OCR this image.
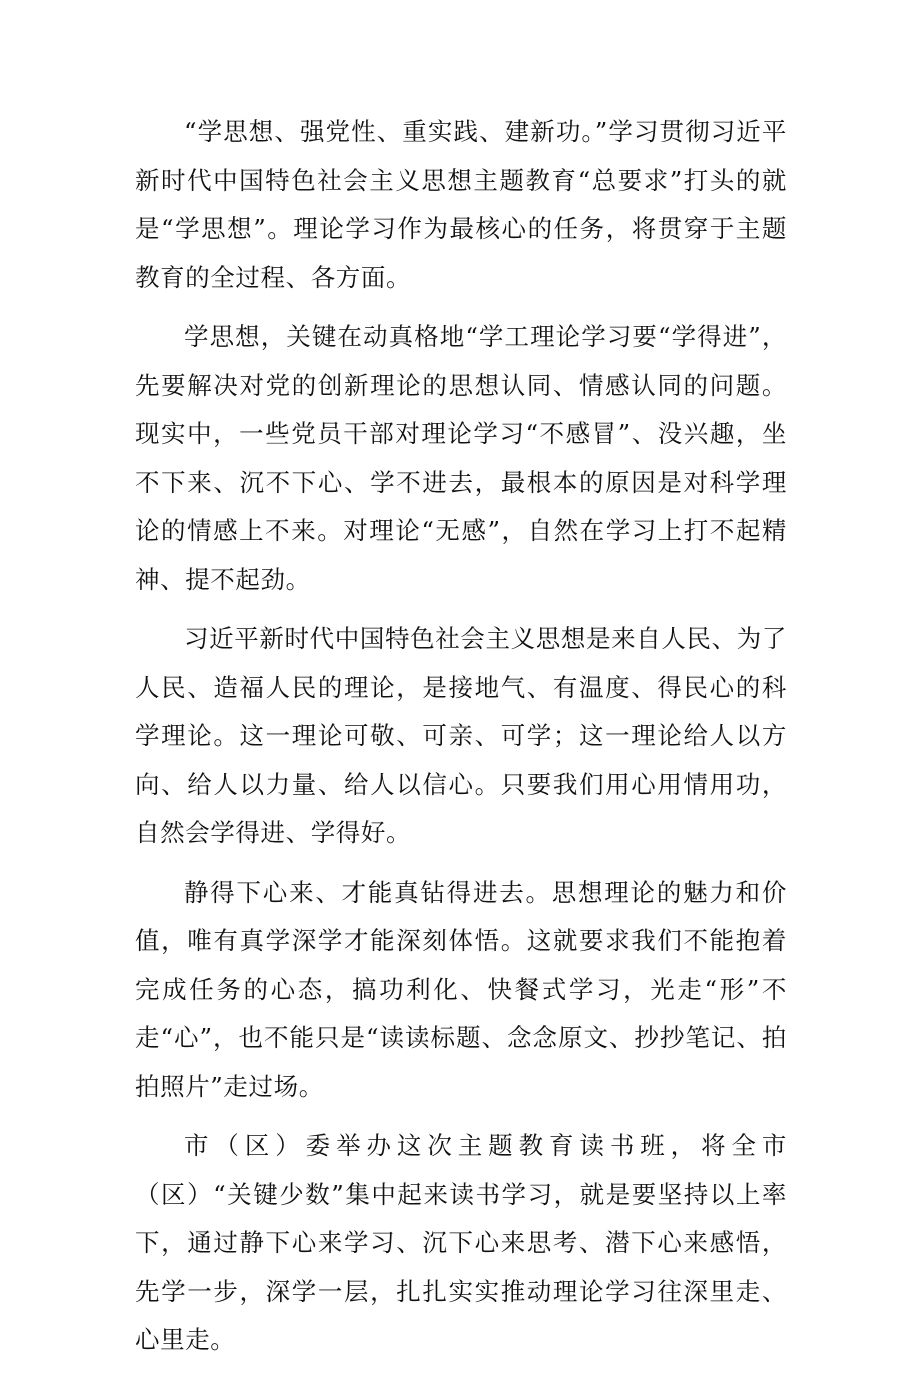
“学思想、强党性、重实践、建新功。”学习贯彻习近平新时代中国特色社会主义思想主题教育“总要求”打头的就是“学思想”。理论学习作为最核心的任务，将贯穿于主题教育的全过程、各方面。

学思想，关键在动真格地“学工理论学习要“学得进”，先要解决对党的创新理论的思想认同、情感认同的问题。现实中，一些党员干部对理论学习“不感冒”、没兴趣，坐不下来、沉不下心、学不进去，最根本的原因是对科学理论的情感上不来。对理论“无感”，自然在学习上打不起精神、提不起劲。

习近平新时代中国特色社会主义思想是来自人民、为了人民、造福人民的理论，是接地气、有温度、得民心的科学理论。这一理论可敬、可亲、可学；这一理论给人以方向、给人以力量、给人以信心。只要我们用心用情用功，自然会学得进、学得好。

静得下心来、才能真钻得进去。思想理论的魅力和价值，唯有真学深学才能深刻体悟。这就要求我们不能抱着完成任务的心态，搞功利化、快餐式学习，光走“形”不走“心”，也不能只是“读读标题、念念原文、抄抄笔记、拍拍照片”走过场。

市（区）委举办这次主题教育读书班，将全市（区）“关键少数”集中起来读书学习，就是要坚持以上率下，通过静下心来学习、沉下心来思考、潜下心来感悟，先学一步，深学一层，扎扎实实推动理论学习往深里走、心里走。
